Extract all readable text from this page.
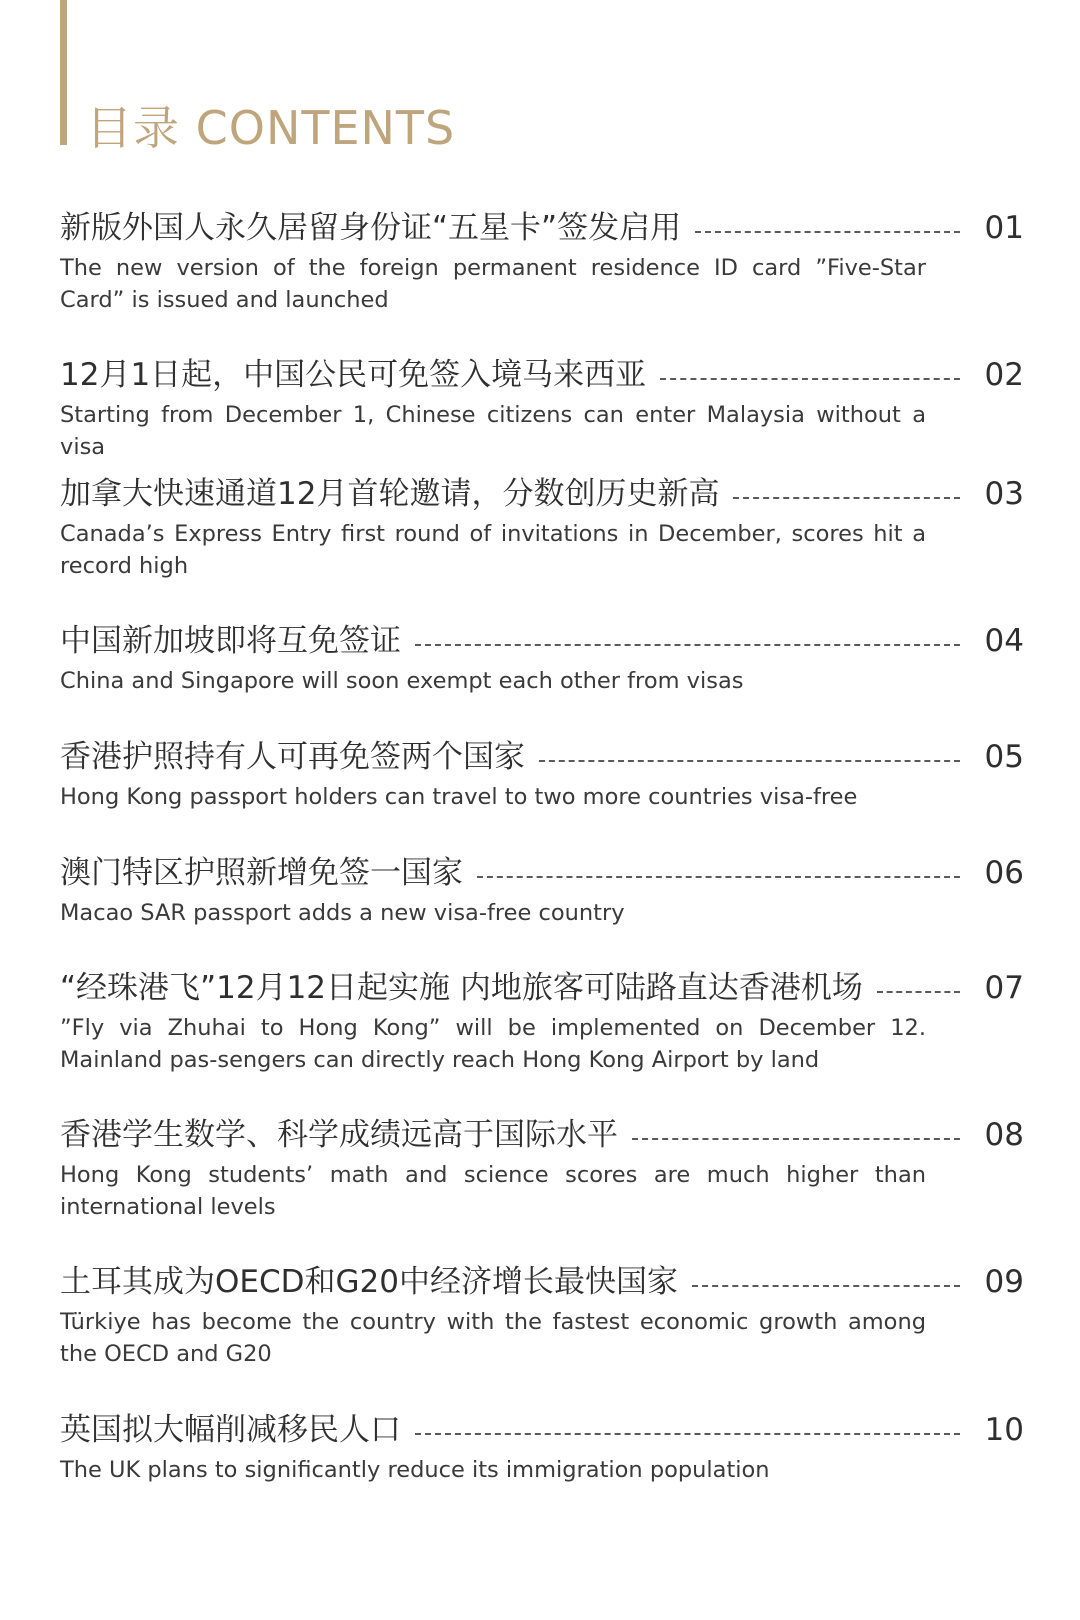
目录 CONTENTS
新版外国人永久居留身份证“五星卡”签发启用	01
The new version of the foreign permanent residence ID card ”Five-Star Card” is issued and launched
12月1日起，中国公民可免签入境马来西亚	02
Starting from December 1, Chinese citizens can enter Malaysia without a visa
加拿大快速通道12月首轮邀请，分数创历史新高	03
Canada’s Express Entry first round of invitations in December, scores hit a record high
中国新加坡即将互免签证	04
China and Singapore will soon exempt each other from visas
香港护照持有人可再免签两个国家	05
Hong Kong passport holders can travel to two more countries visa-free
澳门特区护照新增免签一国家	06
Macao SAR passport adds a new visa-free country
“经珠港飞”12月12日起实施 内地旅客可陆路直达香港机场	07
”Fly via Zhuhai to Hong Kong” will be implemented on December 12. Mainland pas-sengers can directly reach Hong Kong Airport by land
香港学生数学、科学成绩远高于国际水平	08
Hong Kong students’ math and science scores are much higher than international levels
土耳其成为OECD和G20中经济增长最快国家	09
Türkiye has become the country with the fastest economic growth among the OECD and G20
英国拟大幅削减移民人口	10
The UK plans to significantly reduce its immigration population
